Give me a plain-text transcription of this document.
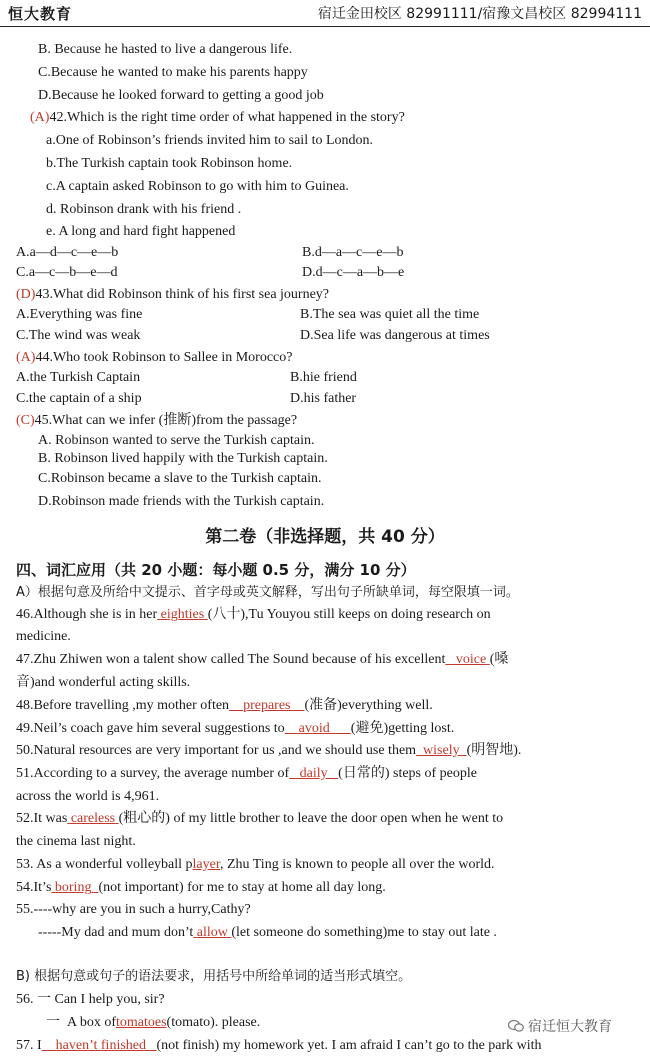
恒大教育	宿迁金田校区 82991111/宿豫文昌校区 82994111
B. Because he hasted to live a dangerous life.
C.Because he wanted to make his parents happy
D.Because he looked forward to getting a good job
(A)42.Which is the right time order of what happened in the story?
a.One of Robinson’s friends invited him to sail to London.
b.The Turkish captain took Robinson home.
c.A captain asked Robinson to go with him to Guinea.
d. Robinson drank with his friend .
e. A long and hard fight happened
A.a—d—c—e—b	B.d—a—c—e—b
C.a—c—b—e—d	D.d—c—a—b—e
(D)43.What did Robinson think of his first sea journey?
A.Everything was fine	B.The sea was quiet all the time
C.The wind was weak	D.Sea life was dangerous at times
(A)44.Who took Robinson to Sallee in Morocco?
A.the Turkish Captain	B.hie friend
C.the captain of a ship	D.his father
(C)45.What can we infer (推断)from the passage?
A. Robinson wanted to serve the Turkish captain.
B. Robinson lived happily with the Turkish captain.
C.Robinson became a slave to the Turkish captain.
D.Robinson made friends with the Turkish captain.
第二卷（非选择题，共 40 分）
四、词汇应用（共 20 小题：每小题 0.5 分，满分 10 分）
A）根据句意及所给中文提示、首字母或英文解释，写出句子所缺单词，每空限填一词。
46.Although she is in her eighties (八十),Tu Youyou still keeps on doing research on
medicine.
47.Zhu Zhiwen won a talent show called The Sound because of his excellent voice (嗓
音)and wonderful acting skills.
48.Before travelling ,my mother often prepares (准备)everything well.
49.Neil’s coach gave him several suggestions to avoid (避免)getting lost.
50.Natural resources are very important for us ,and we should use them wisely (明智地).
51.According to a survey, the average number of daily (日常的) steps of people
across the world is 4,961.
52.It was careless (粗心的) of my little brother to leave the door open when he went to
the cinema last night.
53. As a wonderful volleyball player, Zhu Ting is known to people all over the world.
54.It’s boring (not important) for me to stay at home all day long.
55.----why are you in such a hurry,Cathy?
-----My dad and mum don’t allow (let someone do something)me to stay out late .
B) 根据句意或句子的语法要求，用括号中所给单词的适当形式填空。
56. 一 Can I help you, sir?
一  A box oftomatoes(tomato). please.
57. I haven’t finished (not finish) my homework yet. I am afraid I can’t go to the park with
宿迁恒大教育
